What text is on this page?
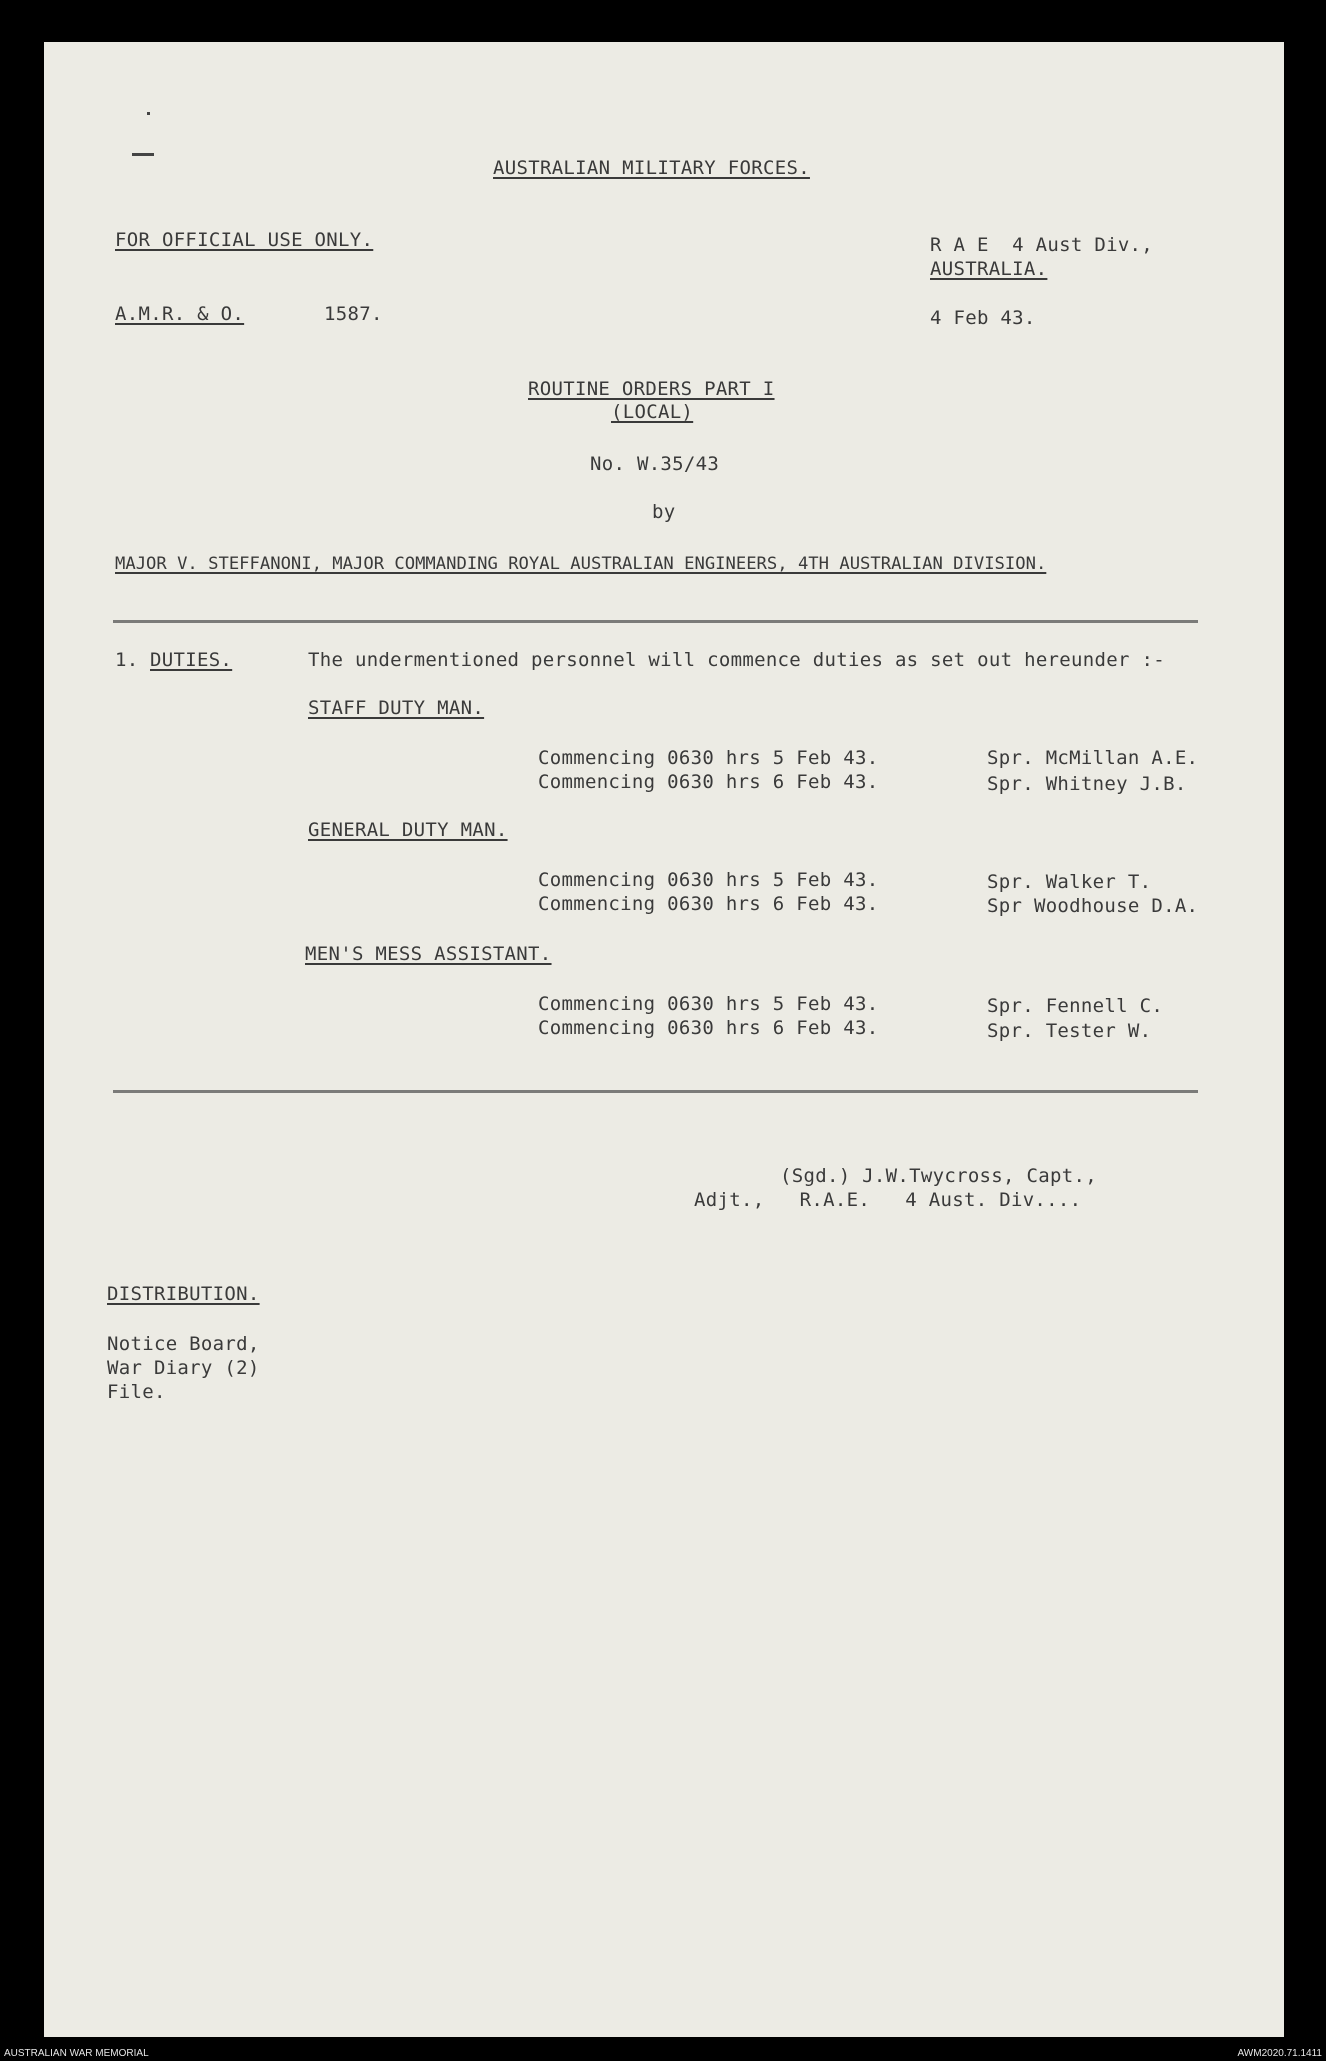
AUSTRALIAN MILITARY FORCES.
FOR OFFICIAL USE ONLY.
A.M.R. & O.	1587.
R A E  4 Aust Div.,
AUSTRALIA.
4 Feb 43.
ROUTINE ORDERS PART I
(LOCAL)
No. W.35/43
by
MAJOR V. STEFFANONI, MAJOR COMMANDING ROYAL AUSTRALIAN ENGINEERS, 4TH AUSTRALIAN DIVISION.
1. DUTIES.	The undermentioned personnel will commence duties as set out hereunder :-
STAFF DUTY MAN.
Commencing 0630 hrs 5 Feb 43.	Spr. McMillan A.E.
Commencing 0630 hrs 6 Feb 43.	Spr. Whitney J.B.
GENERAL DUTY MAN.
Commencing 0630 hrs 5 Feb 43.	Spr. Walker T.
Commencing 0630 hrs 6 Feb 43.	Spr Woodhouse D.A.
MEN'S MESS ASSISTANT.
Commencing 0630 hrs 5 Feb 43.	Spr. Fennell C.
Commencing 0630 hrs 6 Feb 43.	Spr. Tester W.
(Sgd.) J.W.Twycross, Capt.,
Adjt.,   R.A.E.   4 Aust. Div....
DISTRIBUTION.
Notice Board,
War Diary (2)
File.
AUSTRALIAN WAR MEMORIAL	AWM2020.71.1411
